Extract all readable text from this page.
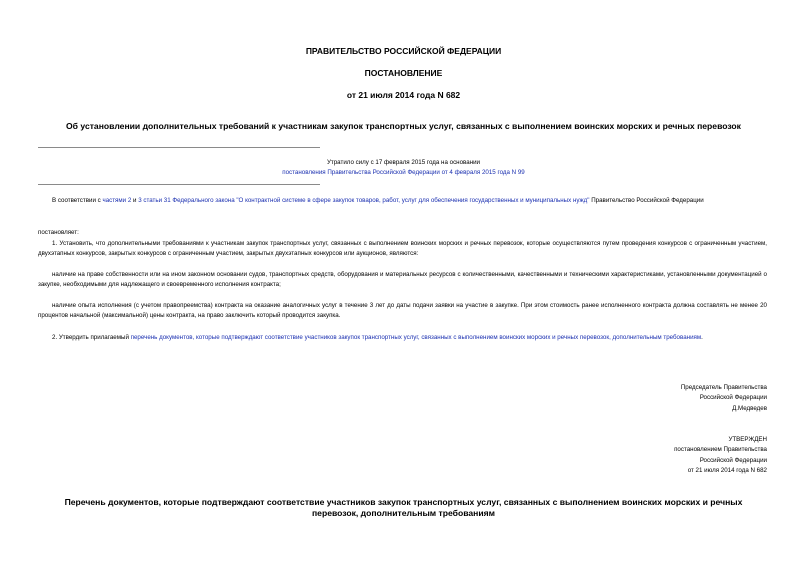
ПРАВИТЕЛЬСТВО РОССИЙСКОЙ ФЕДЕРАЦИИ
ПОСТАНОВЛЕНИЕ
от 21 июля 2014 года N 682
Об установлении дополнительных требований к участникам закупок транспортных услуг, связанных с выполнением воинских морских и речных перевозок
Утратило силу с 17 февраля 2015 года на основании
постановления Правительства Российской Федерации от 4 февраля 2015 года N 99
В соответствии с частями 2 и 3 статьи 31 Федерального закона "О контрактной системе в сфере закупок товаров, работ, услуг для обеспечения государственных и муниципальных нужд" Правительство Российской Федерации
постановляет:
1. Установить, что дополнительными требованиями к участникам закупок транспортных услуг, связанных с выполнением воинских морских и речных перевозок, которые осуществляются путем проведения конкурсов с ограниченным участием, двухэтапных конкурсов, закрытых конкурсов с ограниченным участием, закрытых двухэтапных конкурсов или аукционов, являются:
наличие на праве собственности или на ином законном основании судов, транспортных средств, оборудования и материальных ресурсов с количественными, качественными и техническими характеристиками, установленными документацией о закупке, необходимыми для надлежащего и своевременного исполнения контракта;
наличие опыта исполнения (с учетом правопреемства) контракта на оказание аналогичных услуг в течение 3 лет до даты подачи заявки на участие в закупке. При этом стоимость ранее исполненного контракта должна составлять не менее 20 процентов начальной (максимальной) цены контракта, на право заключить который проводится закупка.
2. Утвердить прилагаемый перечень документов, которые подтверждают соответствие участников закупок транспортных услуг, связанных с выполнением воинских морских и речных перевозок, дополнительным требованиям.
Председатель Правительства
Российской Федерации
Д.Медведев
УТВЕРЖДЕН
постановлением Правительства
Российской Федерации
от 21 июля 2014 года N 682
Перечень документов, которые подтверждают соответствие участников закупок транспортных услуг, связанных с выполнением воинских морских и речных
перевозок, дополнительным требованиям
